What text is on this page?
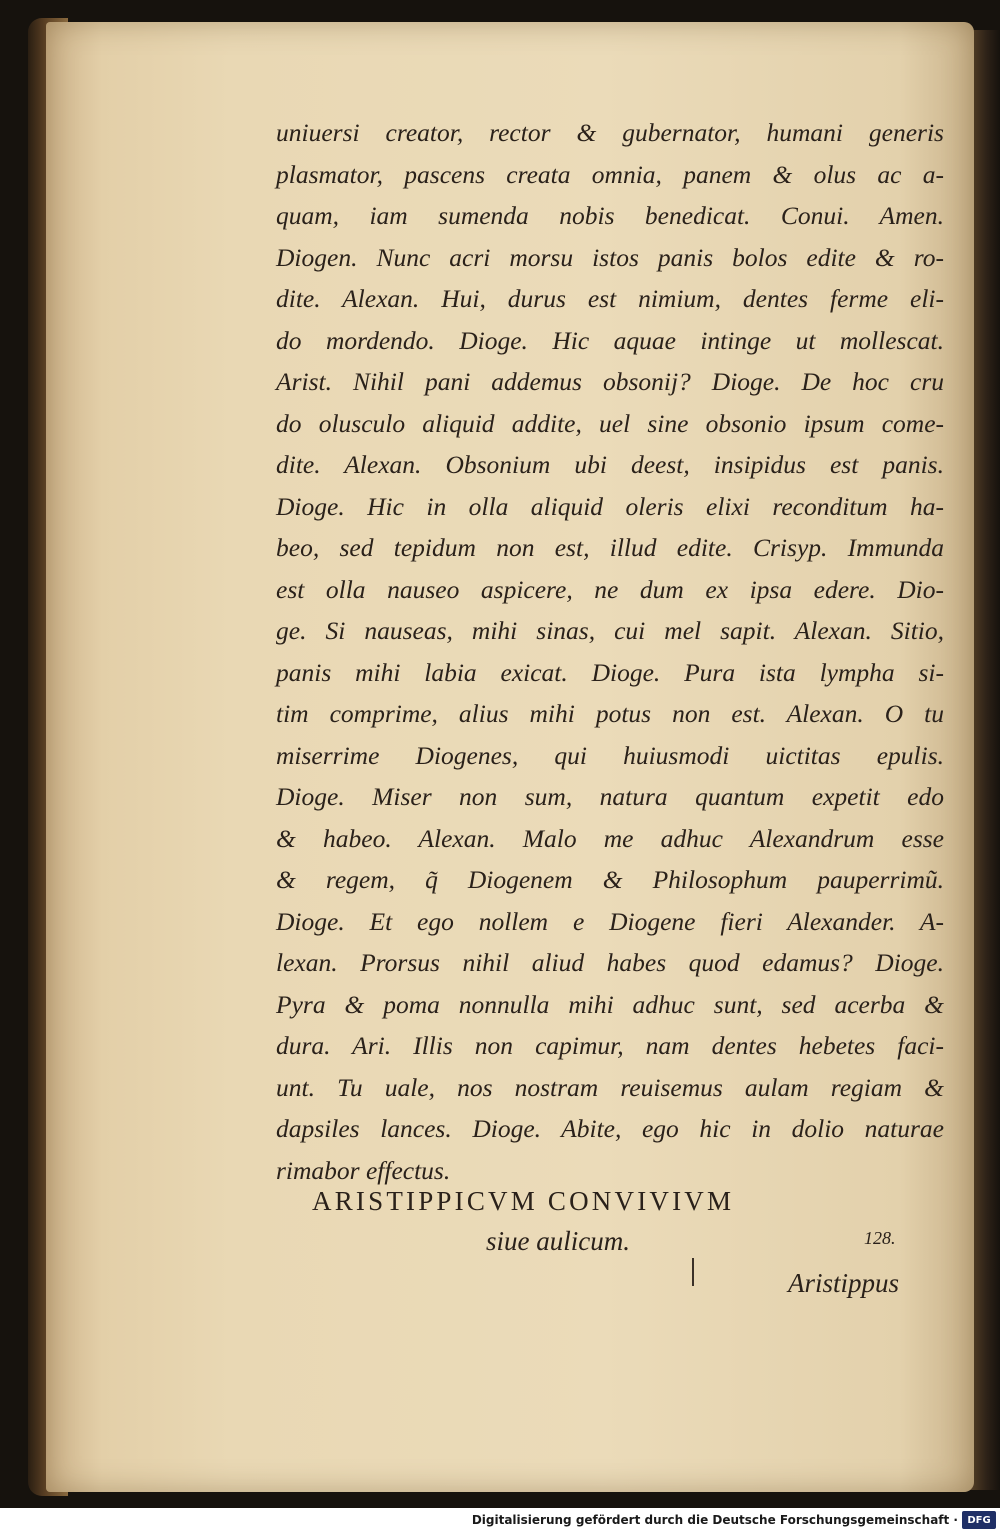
uniuersi creator, rector & gubernator, humani generis
plasmator, pascens creata omnia, panem & olus ac a-
quam, iam sumenda nobis benedicat. Conui. Amen.
Diogen. Nunc acri morsu istos panis bolos edite & ro-
dite. Alexan. Hui, durus est nimium, dentes ferme eli-
do mordendo. Dioge. Hic aquae intinge ut mollescat.
Arist. Nihil pani addemus obsonij? Dioge. De hoc cru
do olusculo aliquid addite, uel sine obsonio ipsum come-
dite. Alexan. Obsonium ubi deest, insipidus est panis.
Dioge. Hic in olla aliquid oleris elixi reconditum ha-
beo, sed tepidum non est, illud edite. Crisyp. Immunda
est olla nauseo aspicere, ne dum ex ipsa edere. Dio-
ge. Si nauseas, mihi sinas, cui mel sapit. Alexan. Sitio,
panis mihi labia exicat. Dioge. Pura ista lympha si-
tim comprime, alius mihi potus non est. Alexan. O tu
miserrime Diogenes, qui huiusmodi uictitas epulis.
Dioge. Miser non sum, natura quantum expetit edo
& habeo. Alexan. Malo me adhuc Alexandrum esse
& regem, q̃ Diogenem & Philosophum pauperrimũ.
Dioge. Et ego nollem e Diogene fieri Alexander. A-
lexan. Prorsus nihil aliud habes quod edamus? Dioge.
Pyra & poma nonnulla mihi adhuc sunt, sed acerba &
dura. Ari. Illis non capimur, nam dentes hebetes faci-
unt. Tu uale, nos nostram reuisemus aulam regiam &
dapsiles lances. Dioge. Abite, ego hic in dolio naturae
rimabor effectus.
ARISTIPPICVM CONVIVIVM
siue aulicum.	128.
Aristippus
Digitalisierung gefördert durch die Deutsche Forschungsgemeinschaft · DFG
